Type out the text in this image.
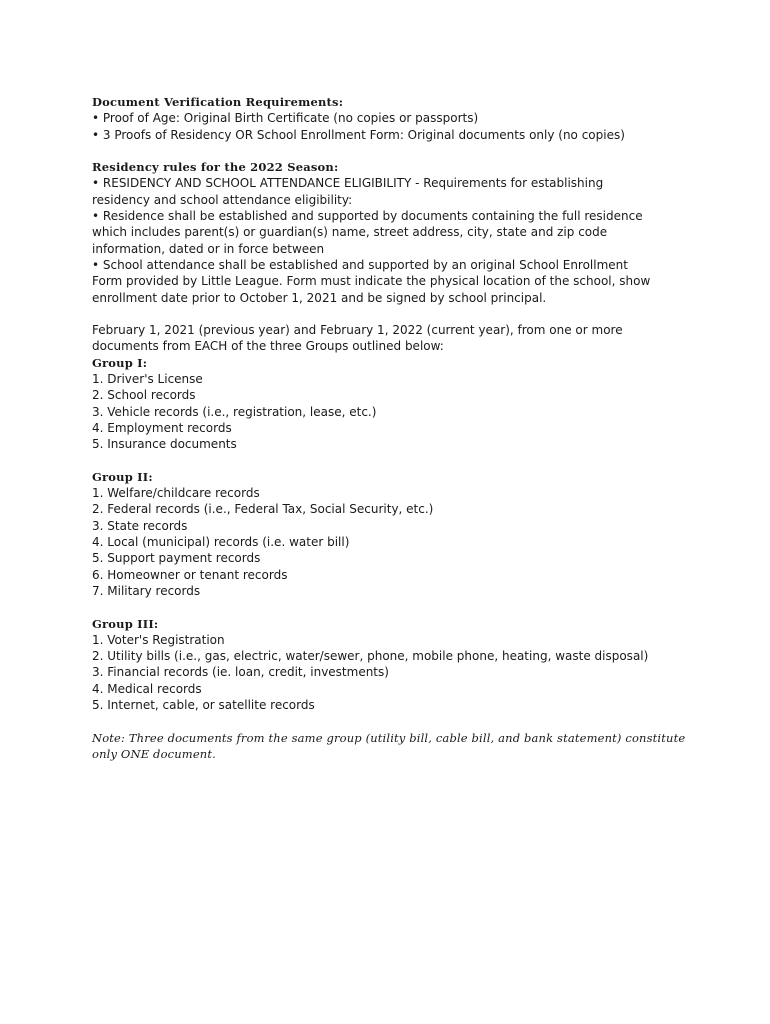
Document Verification Requirements:
• Proof of Age: Original Birth Certificate (no copies or passports)
• 3 Proofs of Residency OR School Enrollment Form: Original documents only (no copies)
Residency rules for the 2022 Season:
• RESIDENCY AND SCHOOL ATTENDANCE ELIGIBILITY - Requirements for establishing
residency and school attendance eligibility:
• Residence shall be established and supported by documents containing the full residence
which includes parent(s) or guardian(s) name, street address, city, state and zip code
information, dated or in force between
• School attendance shall be established and supported by an original School Enrollment
Form provided by Little League. Form must indicate the physical location of the school, show
enrollment date prior to October 1, 2021 and be signed by school principal.
February 1, 2021 (previous year) and February 1, 2022 (current year), from one or more
documents from EACH of the three Groups outlined below:
Group I:
1. Driver's License
2. School records
3. Vehicle records (i.e., registration, lease, etc.)
4. Employment records
5. Insurance documents
Group II:
1. Welfare/childcare records
2. Federal records (i.e., Federal Tax, Social Security, etc.)
3. State records
4. Local (municipal) records (i.e. water bill)
5. Support payment records
6. Homeowner or tenant records
7. Military records
Group III:
1. Voter's Registration
2. Utility bills (i.e., gas, electric, water/sewer, phone, mobile phone, heating, waste disposal)
3. Financial records (ie. loan, credit, investments)
4. Medical records
5. Internet, cable, or satellite records
Note: Three documents from the same group (utility bill, cable bill, and bank statement) constitute
only ONE document.
